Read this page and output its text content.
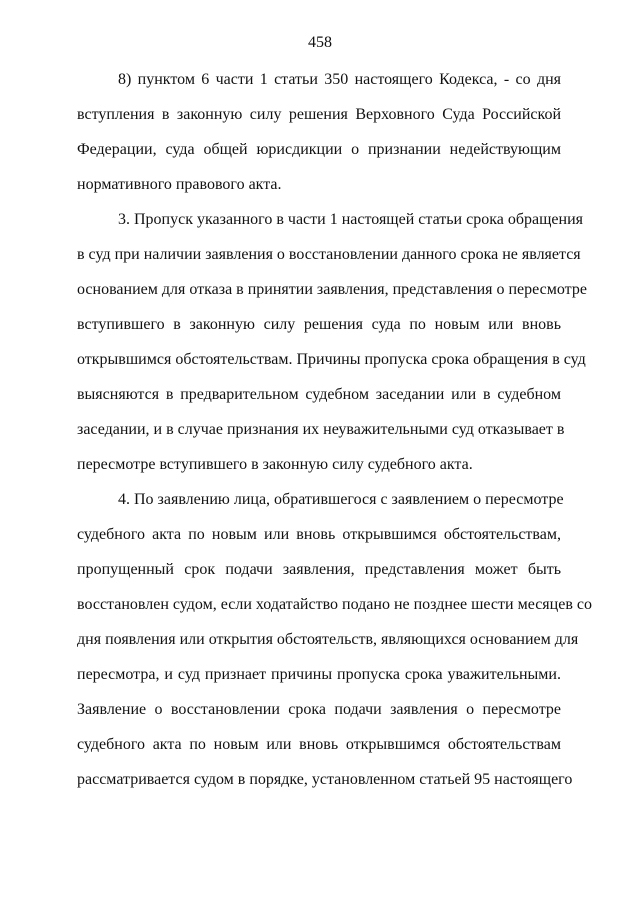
458
8) пунктом 6 части 1 статьи 350 настоящего Кодекса, - со дня
вступления в законную силу решения Верховного Суда Российской
Федерации, суда общей юрисдикции о признании недействующим
нормативного правового акта.
3. Пропуск указанного в части 1 настоящей статьи срока обращения
в суд при наличии заявления о восстановлении данного срока не является
основанием для отказа в принятии заявления, представления о пересмотре
вступившего в законную силу решения суда по новым или вновь
открывшимся обстоятельствам. Причины пропуска срока обращения в суд
выясняются в предварительном судебном заседании или в судебном
заседании, и в случае признания их неуважительными суд отказывает в
пересмотре вступившего в законную силу судебного акта.
4. По заявлению лица, обратившегося с заявлением о пересмотре
судебного акта по новым или вновь открывшимся обстоятельствам,
пропущенный срок подачи заявления, представления может быть
восстановлен судом, если ходатайство подано не позднее шести месяцев со
дня появления или открытия обстоятельств, являющихся основанием для
пересмотра, и суд признает причины пропуска срока уважительными.
Заявление о восстановлении срока подачи заявления о пересмотре
судебного акта по новым или вновь открывшимся обстоятельствам
рассматривается судом в порядке, установленном статьей 95 настоящего
